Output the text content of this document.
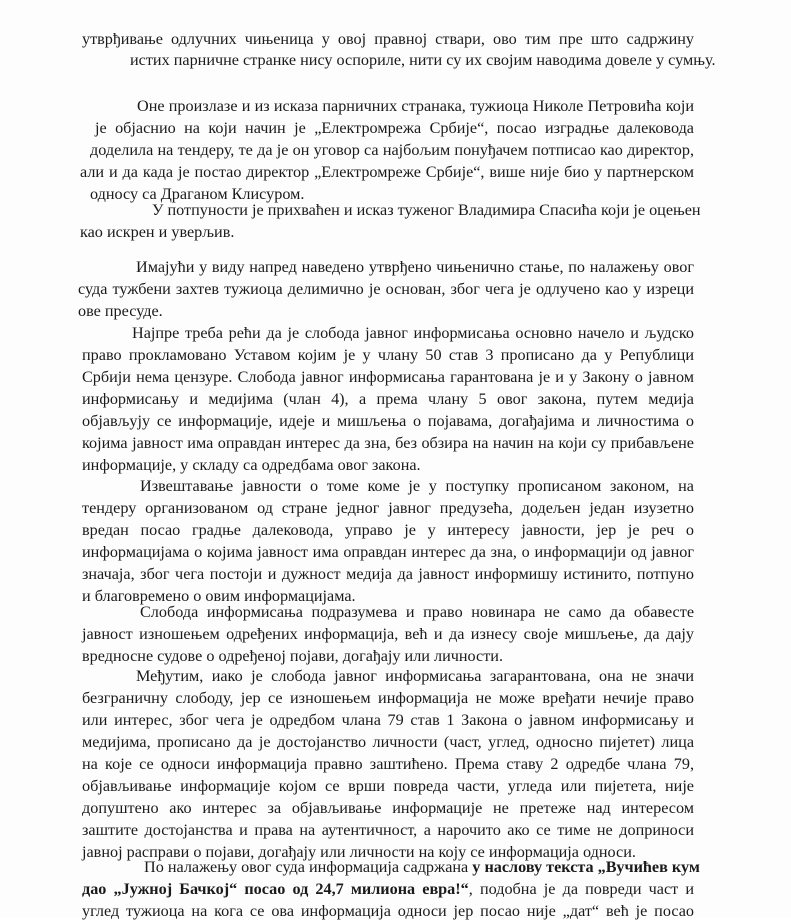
утврђивање одлучних чињеница у овој правној ствари, ово тим пре што садржину
истих парничне странке нису оспориле, нити су их својим наводима довеле у сумњу.
Оне произлазе и из исказа парничних странака, тужиоца Николе Петровића који
је објаснио на који начин је „Електромрежа Србије“, посао изградње далековода
доделила на тендеру, те да је он уговор са најбољим понуђачем потписао као директор,
али и да када је постао директор „Електромреже Србије“, више није био у партнерском
односу са Драганом Клисуром.
У потпуности је прихваћен и исказ туженог Владимира Спасића који је оцењен
као искрен и уверљив.
Имајући у виду напред наведено утврђено чињенично стање, по налажењу овог
суда тужбени захтев тужиоца делимично је основан, због чега је одлучено као у изреци
ове пресуде.
Најпре треба рећи да је слобода јавног информисања основно начело и људско
право прокламовано Уставом којим је у члану 50 став 3 прописано да у Републици
Србији нема цензуре. Слобода јавног информисања гарантована је и у Закону о јавном
информисању и медијима (члан 4), а према члану 5 овог закона, путем медија
објављују се информације, идеје и мишљења о појавама, догађајима и личностима о
којима јавност има оправдан интерес да зна, без обзира на начин на који су прибављене
информације, у складу са одредбама овог закона.
Извештавање јавности о томе коме је у поступку прописаном законом, на
тендеру организованом од стране једног јавног предузећа, додељен један изузетно
вредан посао градње далековода, управо је у интересу јавности, јер је реч о
информацијама о којима јавност има оправдан интерес да зна, о информацији од јавног
значаја, због чега постоји и дужност медија да јавност информишу истинито, потпуно
и благовремено о овим информацијама.
Слобода информисања подразумева и право новинара не само да обавесте
јавност изношењем одређених информација, већ и да изнесу своје мишљење, да дају
вредносне судове о одређеној појави, догађају или личности.
Међутим, иако је слобода јавног информисања загарантована, она не значи
безграничну слободу, јер се изношењем информација не може вређати нечије право
или интерес, због чега је одредбом члана 79 став 1 Закона о јавном информисању и
медијима, прописано да је достојанство личности (част, углед, односно пијетет) лица
на које се односи информација правно заштићено. Према ставу 2 одредбе члана 79,
објављивање информације којом се врши повреда части, угледа или пијетета, није
допуштено ако интерес за објављивање информације не претеже над интересом
заштите достојанства и права на аутентичност, а нарочито ако се тиме не доприноси
јавној расправи о појави, догађају или личности на коју се информација односи.
По налажењу овог суда информација садржана у наслову текста „Вучићев кум
дао „Јужној Бачкој“ посао од 24,7 милиона евра!“, подобна је да повреди част и
углед тужиоца на кога се ова информација односи јер посао није „дат“ већ је посао
